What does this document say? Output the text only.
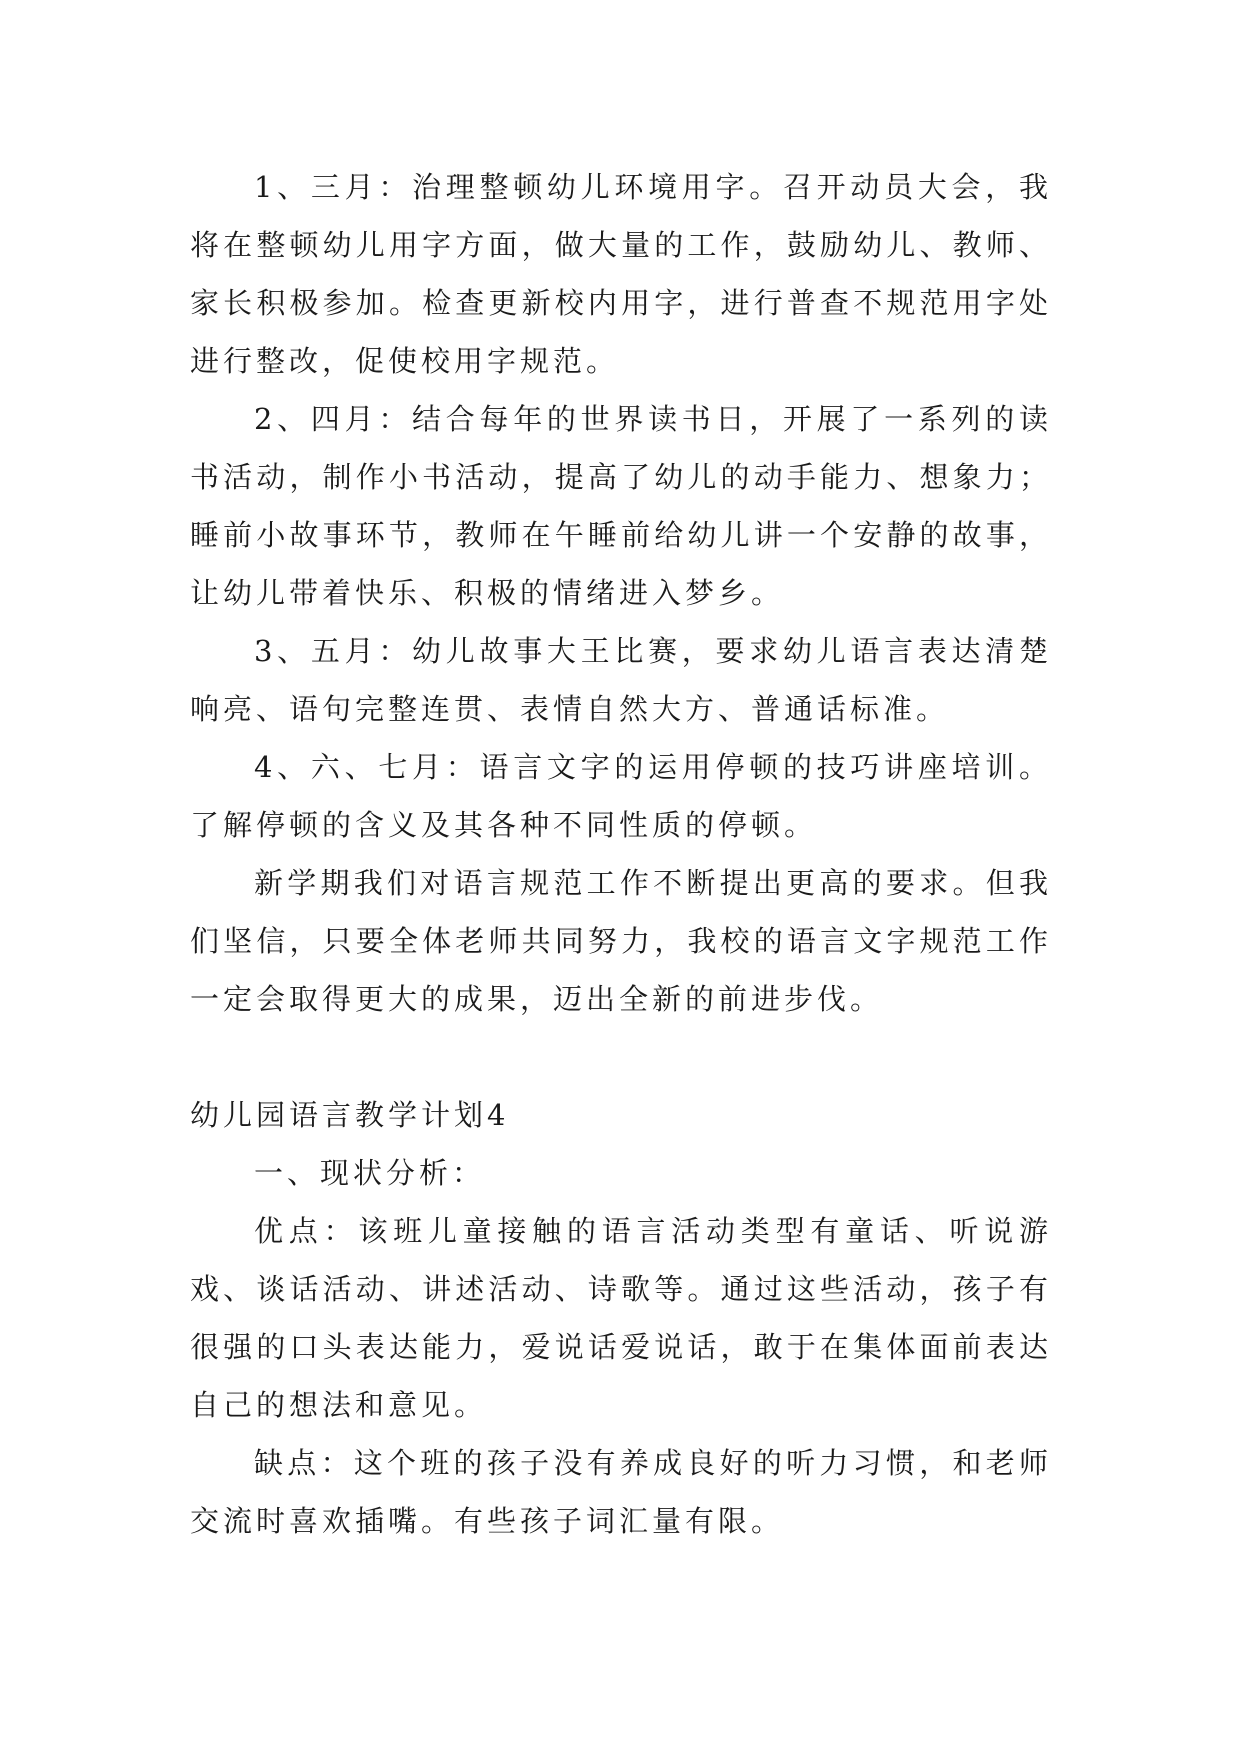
1、三月：治理整顿幼儿环境用字。召开动员大会，我将在整顿幼儿用字方面，做大量的工作，鼓励幼儿、教师、家长积极参加。检查更新校内用字，进行普查不规范用字处进行整改，促使校用字规范。

2、四月：结合每年的世界读书日，开展了一系列的读书活动，制作小书活动，提高了幼儿的动手能力、想象力；睡前小故事环节，教师在午睡前给幼儿讲一个安静的故事，让幼儿带着快乐、积极的情绪进入梦乡。

3、五月：幼儿故事大王比赛，要求幼儿语言表达清楚响亮、语句完整连贯、表情自然大方、普通话标准。

4、六、七月：语言文字的运用停顿的技巧讲座培训。了解停顿的含义及其各种不同性质的停顿。

新学期我们对语言规范工作不断提出更高的要求。但我们坚信，只要全体老师共同努力，我校的语言文字规范工作一定会取得更大的成果，迈出全新的前进步伐。

幼儿园语言教学计划4

一、现状分析：

优点：该班儿童接触的语言活动类型有童话、听说游戏、谈话活动、讲述活动、诗歌等。通过这些活动，孩子有很强的口头表达能力，爱说话爱说话，敢于在集体面前表达自己的想法和意见。

缺点：这个班的孩子没有养成良好的听力习惯，和老师交流时喜欢插嘴。有些孩子词汇量有限。
